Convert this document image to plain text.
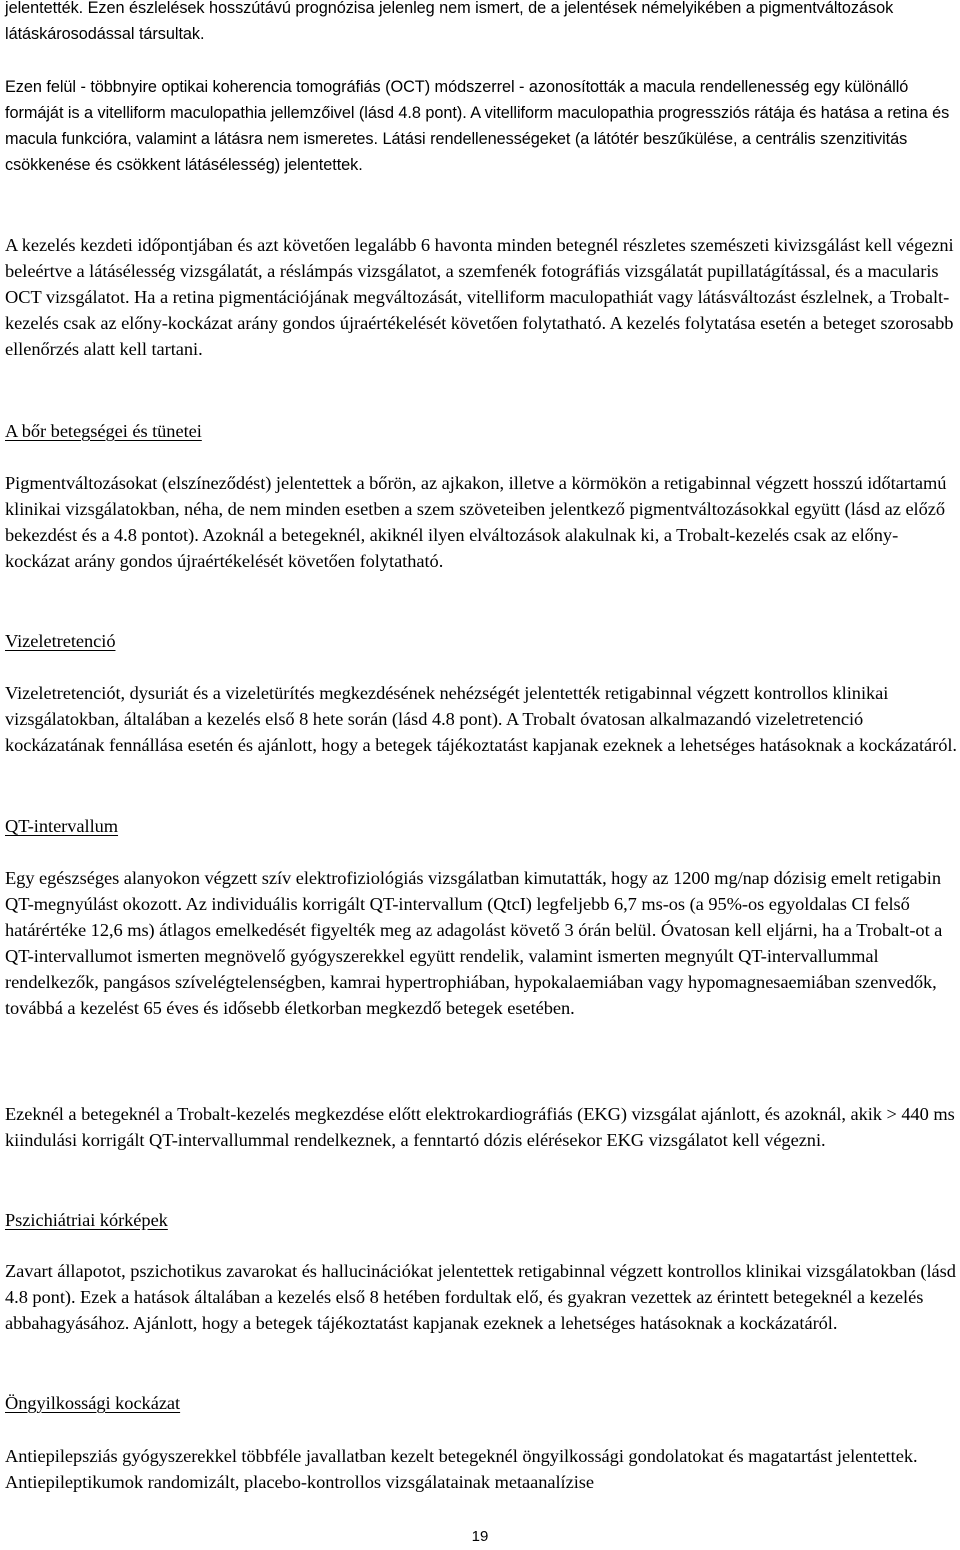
jelentették. Ezen észlelések hosszútávú prognózisa jelenleg nem ismert, de a jelentések némelyikében a pigmentváltozások látáskárosodással társultak.

Ezen felül - többnyire optikai koherencia tomográfiás (OCT) módszerrel - azonosították a macula rendellenesség egy különálló formáját is a vitelliform maculopathia jellemzőivel (lásd 4.8 pont). A vitelliform maculopathia progressziós rátája és hatása a retina és macula funkcióra, valamint a látásra nem ismeretes. Látási rendellenességeket (a látótér beszűkülése, a centrális szenzitivitás csökkenése és csökkent látásélesség) jelentettek.

A kezelés kezdeti időpontjában és azt követően legalább 6 havonta minden betegnél részletes szemészeti kivizsgálást kell végezni beleértve a látásélesség vizsgálatát, a réslámpás vizsgálatot, a szemfenék fotográfiás vizsgálatát pupillatágítással, és a macularis OCT vizsgálatot. Ha a retina pigmentációjának megváltozását, vitelliform maculopathiát vagy látásváltozást észlelnek, a Trobalt-kezelés csak az előny-kockázat arány gondos újraértékelését követően folytatható. A kezelés folytatása esetén a beteget szorosabb ellenőrzés alatt kell tartani.

A bőr betegségei és tünetei

Pigmentváltozásokat (elszíneződést) jelentettek a bőrön, az ajkakon, illetve a körmökön a retigabinnal végzett hosszú időtartamú klinikai vizsgálatokban, néha, de nem minden esetben a szem szöveteiben jelentkező pigmentváltozásokkal együtt (lásd az előző bekezdést és a 4.8 pontot). Azoknál a betegeknél, akiknél ilyen elváltozások alakulnak ki, a Trobalt-kezelés csak az előny-kockázat arány gondos újraértékelését követően folytatható.

Vizeletretenció

Vizeletretenciót, dysuriát és a vizeletürítés megkezdésének nehézségét jelentették retigabinnal végzett kontrollos klinikai vizsgálatokban, általában a kezelés első 8 hete során (lásd 4.8 pont). A Trobalt óvatosan alkalmazandó vizeletretenció kockázatának fennállása esetén és ajánlott, hogy a betegek tájékoztatást kapjanak ezeknek a lehetséges hatásoknak a kockázatáról.

QT-intervallum

Egy egészséges alanyokon végzett szív elektrofiziológiás vizsgálatban kimutatták, hogy az 1200 mg/nap dózisig emelt retigabin QT-megnyúlást okozott. Az individuális korrigált QT-intervallum (QtcI) legfeljebb 6,7 ms-os (a 95%-os egyoldalas CI felső határértéke 12,6 ms) átlagos emelkedését figyelték meg az adagolást követő 3 órán belül. Óvatosan kell eljárni, ha a Trobalt-ot a QT-intervallumot ismerten megnövelő gyógyszerekkel együtt rendelik, valamint ismerten megnyúlt QT-intervallummal rendelkezők, pangásos szívelégtelenségben, kamrai hypertrophiában, hypokalaemiában vagy hypomagnesaemiában szenvedők, továbbá a kezelést 65 éves és idősebb életkorban megkezdő betegek esetében.

Ezeknél a betegeknél a Trobalt-kezelés megkezdése előtt elektrokardiográfiás (EKG) vizsgálat ajánlott, és azoknál, akik > 440 ms kiindulási korrigált QT-intervallummal rendelkeznek, a fenntartó dózis elérésekor EKG vizsgálatot kell végezni.

Pszichiátriai kórképek

Zavart állapotot, pszichotikus zavarokat és hallucinációkat jelentettek retigabinnal végzett kontrollos klinikai vizsgálatokban (lásd 4.8 pont). Ezek a hatások általában a kezelés első 8 hetében fordultak elő, és gyakran vezettek az érintett betegeknél a kezelés abbahagyásához. Ajánlott, hogy a betegek tájékoztatást kapjanak ezeknek a lehetséges hatásoknak a kockázatáról.

Öngyilkossági kockázat

Antiepilepsziás gyógyszerekkel többféle javallatban kezelt betegeknél öngyilkossági gondolatokat és magatartást jelentettek. Antiepileptikumok randomizált, placebo-kontrollos vizsgálatainak metaanalízise

19
